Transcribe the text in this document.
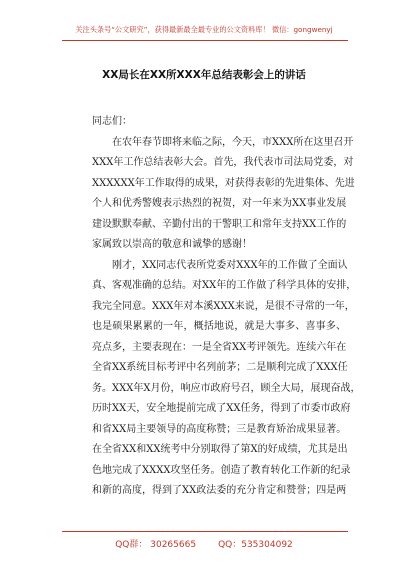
关注头条号“公文研究”，获得最新最全最专业的公文资料库！ 微信：gongwenyj
XX局长在XX所XXX年总结表彰会上的讲话

同志们：

在农年春节即将来临之际，今天，市XXX所在这里召开
XXX年工作总结表彰大会。首先，我代表市司法局党委，对
XXXXXX年工作取得的成果，对获得表彰的先进集体、先进
个人和优秀警嫂表示热烈的祝贺，对一年来为XX事业发展
建设默默奉献、辛勤付出的干警职工和常年支持XX工作的
家属致以崇高的敬意和诚挚的感谢！

刚才，XX同志代表所党委对XXX年的工作做了全面认
真、客观准确的总结。对XX年的工作做了科学具体的安排，
我完全同意。XXX年对本溪XXX来说，是很不寻常的一年，
也是硕果累累的一年，概括地说，就是大事多、喜事多、
亮点多，主要表现在：一是全省XX考评领先。连续六年在
全省XX系统目标考评中名列前茅；二是顺利完成了XXX任
务。XXX年X月份，响应市政府号召，顾全大局，展现奋战，
历时XX天，安全地提前完成了XX任务，得到了市委市政府
和省XX局主要领导的高度称赞；三是教育矫治成果显著。
在全省XX和XX统考中分别取得了第X的好成绩，尤其是出
色地完成了XXXX攻坚任务。创造了教育转化工作新的纪录
和新的高度，得到了XX政法委的充分肯定和赞誉；四是两

QQ群： 30265665 QQ：535304092
